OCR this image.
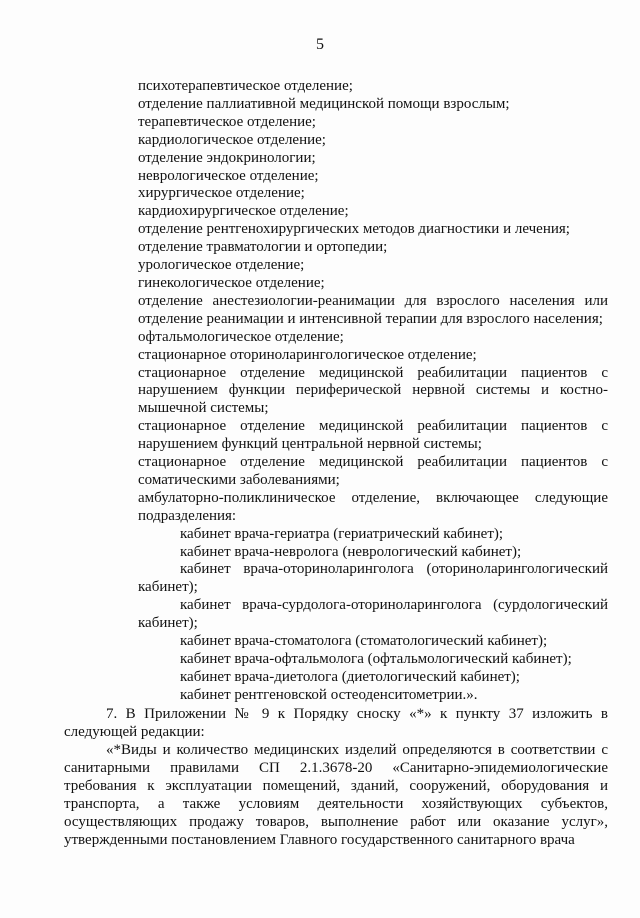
5
психотерапевтическое отделение;
отделение паллиативной медицинской помощи взрослым;
терапевтическое отделение;
кардиологическое отделение;
отделение эндокринологии;
неврологическое отделение;
хирургическое отделение;
кардиохирургическое отделение;
отделение рентгенохирургических методов диагностики и лечения;
отделение травматологии и ортопедии;
урологическое отделение;
гинекологическое отделение;
отделение анестезиологии-реанимации для взрослого населения или отделение реанимации и интенсивной терапии для взрослого населения;
офтальмологическое отделение;
стационарное оториноларингологическое отделение;
стационарное отделение медицинской реабилитации пациентов с нарушением функции периферической нервной системы и костно-мышечной системы;
стационарное отделение медицинской реабилитации пациентов с нарушением функций центральной нервной системы;
стационарное отделение медицинской реабилитации пациентов с соматическими заболеваниями;
амбулаторно-поликлиническое отделение, включающее следующие подразделения:
кабинет врача-гериатра (гериатрический кабинет);
кабинет врача-невролога (неврологический кабинет);
кабинет врача-оториноларинголога (оториноларингологический кабинет);
кабинет врача-сурдолога-оториноларинголога (сурдологический кабинет);
кабинет врача-стоматолога (стоматологический кабинет);
кабинет врача-офтальмолога (офтальмологический кабинет);
кабинет врача-диетолога (диетологический кабинет);
кабинет рентгеновской остеоденситометрии.».
7. В Приложении № 9 к Порядку сноску «*» к пункту 37 изложить в следующей редакции:
«*Виды и количество медицинских изделий определяются в соответствии с санитарными правилами СП 2.1.3678-20 «Санитарно-эпидемиологические требования к эксплуатации помещений, зданий, сооружений, оборудования и транспорта, а также условиям деятельности хозяйствующих субъектов, осуществляющих продажу товаров, выполнение работ или оказание услуг», утвержденными постановлением Главного государственного санитарного врача
